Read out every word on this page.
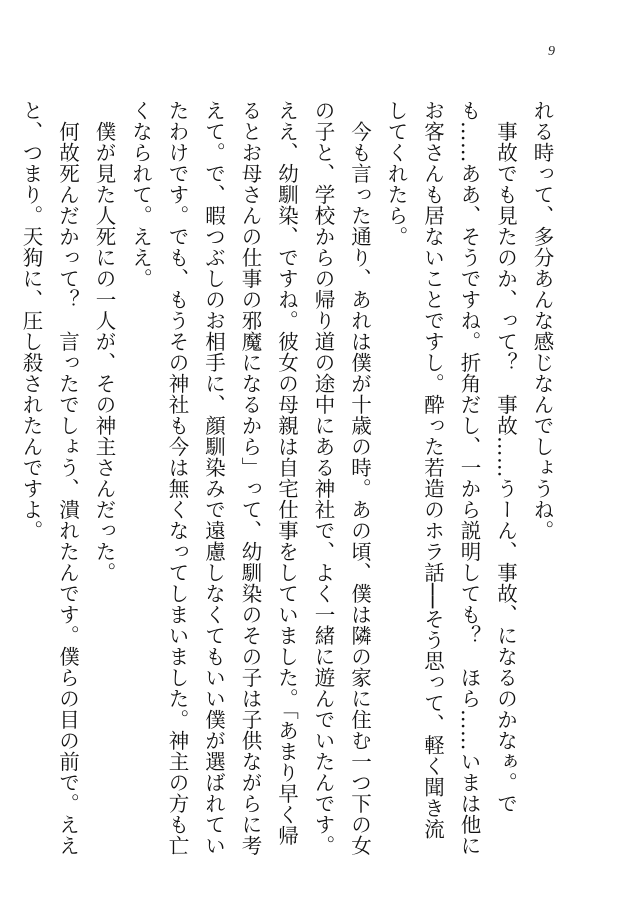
9

れる時って、多分あんな感じなんでしょうね。

事故でも見たのか、って？　事故……うーん、事故、になるのかなぁ。でも……ああ、そうですね。折角だし、一から説明しても？　ほら……いまは他にお客さんも居ないことですし。酔った若造のホラ話──そう思って、軽く聞き流してくれたら。

今も言った通り、あれは僕が十歳の時。あの頃、僕は隣の家に住む一つ下の女の子と、学校からの帰り道の途中にある神社で、よく一緒に遊んでいたんです。ええ、幼馴染、ですね。彼女の母親は自宅仕事をしていました。「あまり早く帰るとお母さんの仕事の邪魔になるから」って、幼馴染のその子は子供ながらに考えて。で、暇つぶしのお相手に、顔馴染みで遠慮しなくてもいい僕が選ばれていたわけです。でも、もうその神社も今は無くなってしまいました。神主の方も亡くなられて。ええ。

僕が見た人死にの一人が、その神主さんだった。

何故死んだかって？　言ったでしょう、潰れたんです。僕らの目の前で。ええと、つまり。天狗に、圧し殺されたんですよ。
